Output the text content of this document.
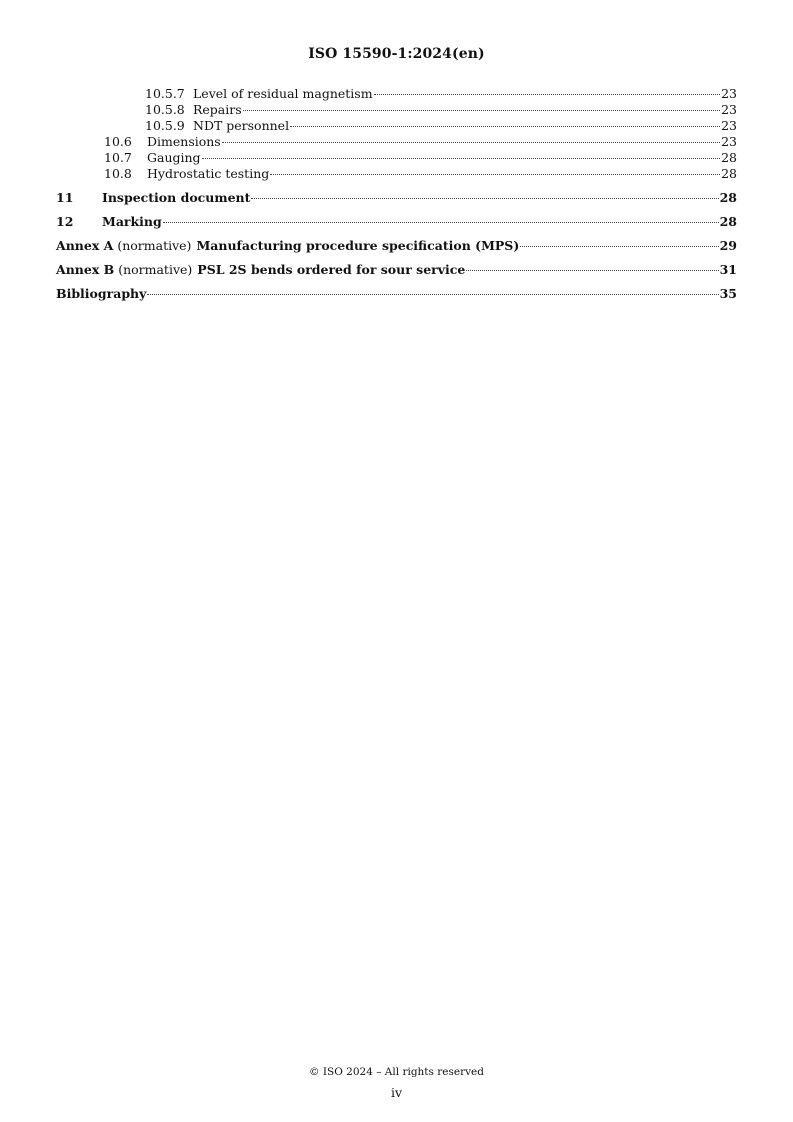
ISO 15590-1:2024(en)
10.5.7 Level of residual magnetism	23
10.5.8 Repairs	23
10.5.9 NDT personnel	23
10.6	Dimensions	23
10.7	Gauging	28
10.8	Hydrostatic testing	28
11	Inspection document	28
12	Marking	28
Annex A (normative) Manufacturing procedure specification (MPS)	29
Annex B (normative) PSL 2S bends ordered for sour service	31
Bibliography	35
© ISO 2024 – All rights reserved
iv
